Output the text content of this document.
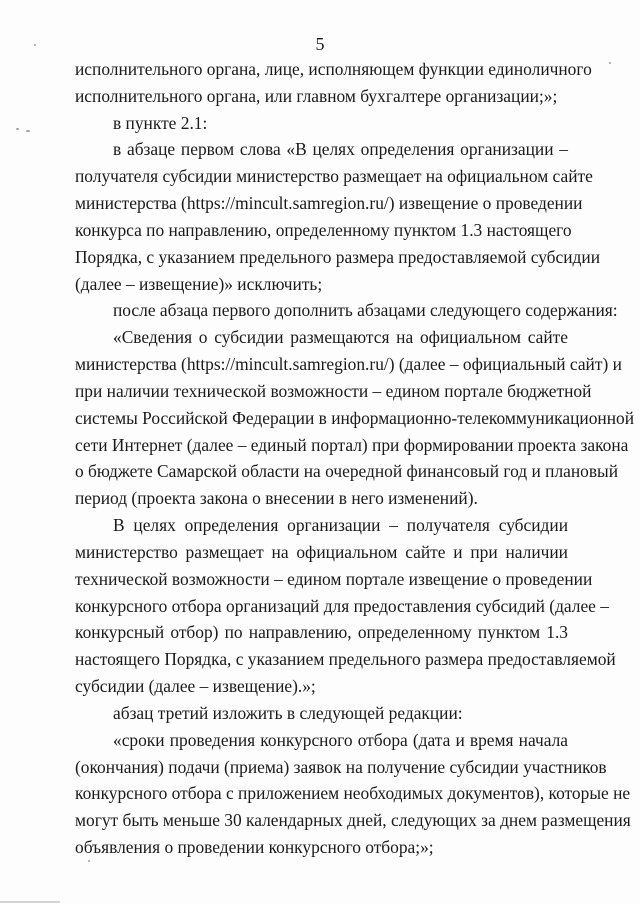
5
исполнительного органа, лице, исполняющем функции единоличного
исполнительного органа, или главном бухгалтере организации;»;
в пункте 2.1:
в абзаце первом слова «В целях определения организации –
получателя субсидии министерство размещает на официальном сайте
министерства (https://mincult.samregion.ru/) извещение о проведении
конкурса по направлению, определенному пунктом 1.3 настоящего
Порядка, с указанием предельного размера предоставляемой субсидии
(далее – извещение)» исключить;
после абзаца первого дополнить абзацами следующего содержания:
«Сведения о субсидии размещаются на официальном сайте
министерства (https://mincult.samregion.ru/) (далее – официальный сайт) и
при наличии технической возможности – едином портале бюджетной
системы Российской Федерации в информационно-телекоммуникационной
сети Интернет (далее – единый портал) при формировании проекта закона
о бюджете Самарской области на очередной финансовый год и плановый
период (проекта закона о внесении в него изменений).
В целях определения организации – получателя субсидии
министерство размещает на официальном сайте и при наличии
технической возможности – едином портале извещение о проведении
конкурсного отбора организаций для предоставления субсидий (далее –
конкурсный отбор) по направлению, определенному пунктом 1.3
настоящего Порядка, с указанием предельного размера предоставляемой
субсидии (далее – извещение).»;
абзац третий изложить в следующей редакции:
«сроки проведения конкурсного отбора (дата и время начала
(окончания) подачи (приема) заявок на получение субсидии участников
конкурсного отбора с приложением необходимых документов), которые не
могут быть меньше 30 календарных дней, следующих за днем размещения
объявления о проведении конкурсного отбора;»;
